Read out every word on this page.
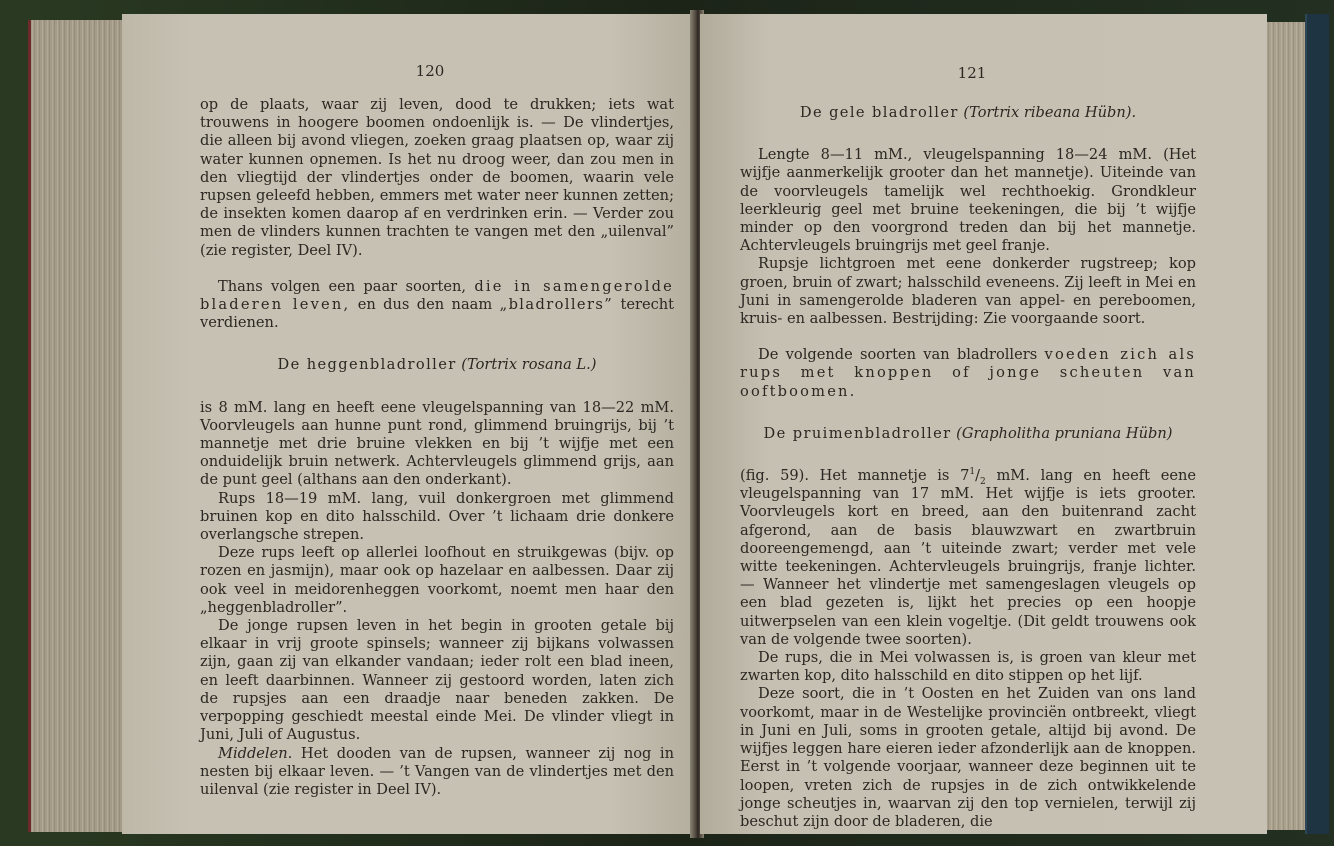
120

op de plaats, waar zij leven, dood te drukken; iets wat trouwens in hoogere boomen ondoenlijk is. — De vlindertjes, die alleen bij avond vliegen, zoeken graag plaatsen op, waar zij water kunnen opnemen. Is het nu droog weer, dan zou men in den vliegtijd der vlindertjes onder de boomen, waarin vele rupsen geleefd hebben, emmers met water neer kunnen zetten; de insekten komen daarop af en verdrinken erin. — Verder zou men de vlinders kunnen trachten te vangen met den „uilenval” (zie register, Deel IV).

Thans volgen een paar soorten, die in samengerolde bladeren leven, en dus den naam „bladrollers” terecht verdienen.

De heggenbladroller (Tortrix rosana L.)

is 8 mM. lang en heeft eene vleugelspanning van 18—22 mM. Voorvleugels aan hunne punt rond, glimmend bruingrijs, bij ’t mannetje met drie bruine vlekken en bij ’t wijfje met een onduidelijk bruin netwerk. Achtervleugels glimmend grijs, aan de punt geel (althans aan den onderkant).

Rups 18—19 mM. lang, vuil donkergroen met glimmend bruinen kop en dito halsschild. Over ’t lichaam drie donkere overlangsche strepen.

Deze rups leeft op allerlei loofhout en struikgewas (bijv. op rozen en jasmijn), maar ook op hazelaar en aalbessen. Daar zij ook veel in meidorenheggen voorkomt, noemt men haar den „heggenbladroller”.

De jonge rupsen leven in het begin in grooten getale bij elkaar in vrij groote spinsels; wanneer zij bijkans volwassen zijn, gaan zij van elkander vandaan; ieder rolt een blad ineen, en leeft daarbinnen. Wanneer zij gestoord worden, laten zich de rupsjes aan een draadje naar beneden zakken. De verpopping geschiedt meestal einde Mei. De vlinder vliegt in Juni, Juli of Augustus.

Middelen. Het dooden van de rupsen, wanneer zij nog in nesten bij elkaar leven. — ’t Vangen van de vlindertjes met den uilenval (zie register in Deel IV).

121

De gele bladroller (Tortrix ribeana Hübn).

Lengte 8—11 mM., vleugelspanning 18—24 mM. (Het wijfje aanmerkelijk grooter dan het mannetje). Uiteinde van de voorvleugels tamelijk wel rechthoekig. Grondkleur leerkleurig geel met bruine teekeningen, die bij ’t wijfje minder op den voorgrond treden dan bij het mannetje. Achtervleugels bruingrijs met geel franje.

Rupsje lichtgroen met eene donkerder rugstreep; kop groen, bruin of zwart; halsschild eveneens. Zij leeft in Mei en Juni in samengerolde bladeren van appel- en pereboomen, kruis- en aalbessen. Bestrijding: Zie voorgaande soort.

De volgende soorten van bladrollers voeden zich als rups met knoppen of jonge scheuten van ooftboomen.

De pruimenbladroller (Grapholitha pruniana Hübn)

(fig. 59). Het mannetje is $7^1/_2$ mM. lang en heeft eene vleugelspanning van 17 mM. Het wijfje is iets grooter. Voorvleugels kort en breed, aan den buitenrand zacht afgerond, aan de basis blauwzwart en zwartbruin dooreengemengd, aan ’t uiteinde zwart; verder met vele witte teekeningen. Achtervleugels bruingrijs, franje lichter. — Wanneer het vlindertje met samengeslagen vleugels op een blad gezeten is, lijkt het precies op een hoopje uitwerpselen van een klein vogeltje. (Dit geldt trouwens ook van de volgende twee soorten).

De rups, die in Mei volwassen is, is groen van kleur met zwarten kop, dito halsschild en dito stippen op het lijf.

Deze soort, die in ’t Oosten en het Zuiden van ons land voorkomt, maar in de Westelijke provinciën ontbreekt, vliegt in Juni en Juli, soms in grooten getale, altijd bij avond. De wijfjes leggen hare eieren ieder afzonderlijk aan de knoppen. Eerst in ’t volgende voorjaar, wanneer deze beginnen uit te loopen, vreten zich de rupsjes in de zich ontwikkelende jonge scheutjes in, waarvan zij den top vernielen, terwijl zij beschut zijn door de bladeren, die
